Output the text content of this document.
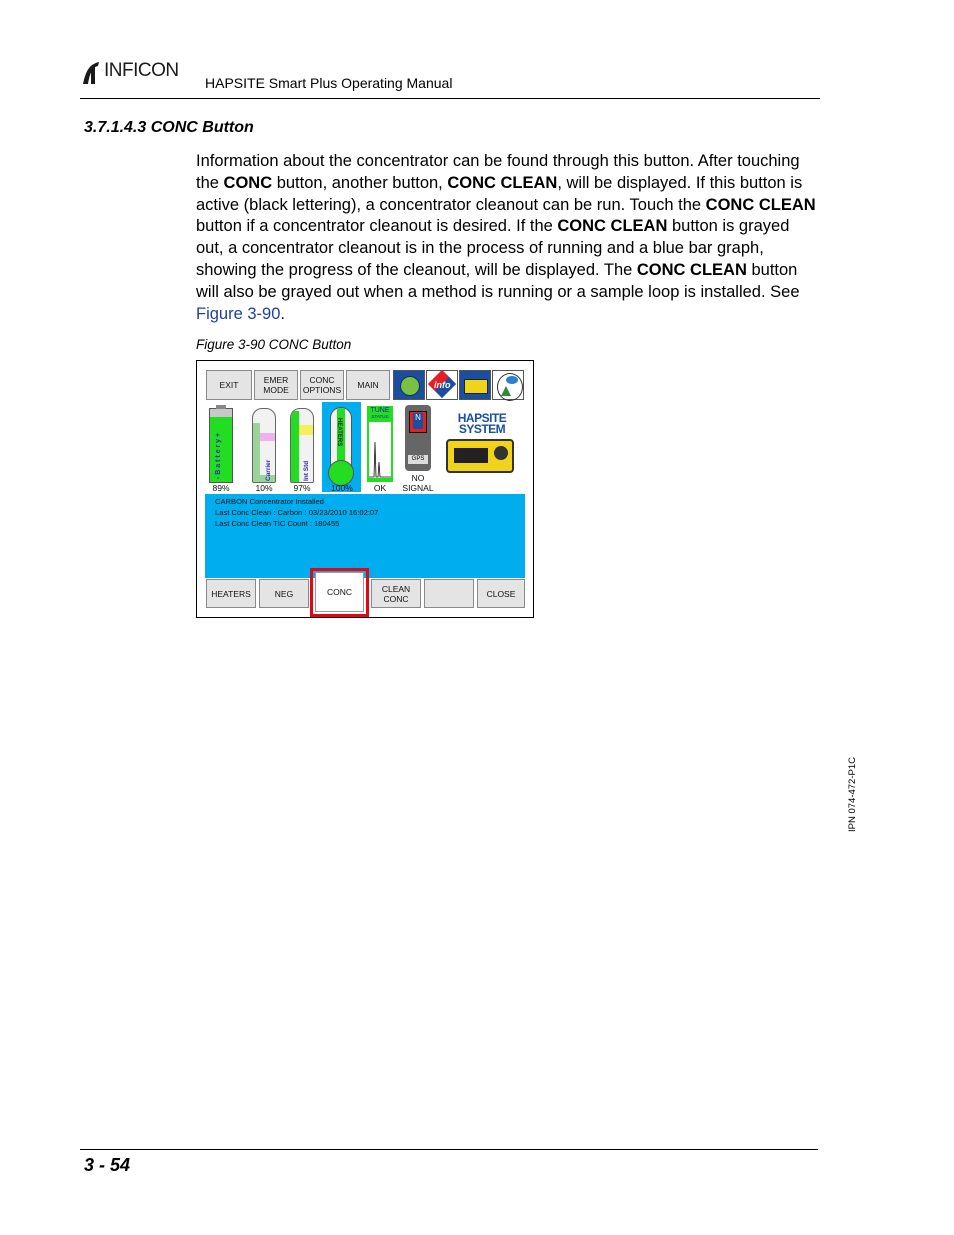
INFICON
HAPSITE Smart Plus Operating Manual
3.7.1.4.3 CONC Button
Information about the concentrator can be found through this button. After touching the CONC button, another button, CONC CLEAN, will be displayed. If this button is active (black lettering), a concentrator cleanout can be run. Touch the CONC CLEAN button if a concentrator cleanout is desired. If the CONC CLEAN button is grayed out, a concentrator cleanout is in the process of running and a blue bar graph, showing the progress of the cleanout, will be displayed. The CONC CLEAN button will also be grayed out when a method is running or a sample loop is installed. See Figure 3-90.
Figure 3-90 CONC Button
EXIT	EMER
MODE
CONC
OPTIONS MAIN	info
- B a t t e r y +
89%
Carrier
10%
Int Std
97%
HEATERS
100%
TUNE
STATUS
OK
N
GPS
NO
SIGNAL
HAPSITE
SYSTEM
CARBON Concentrator Installed
Last Conc Clean : Carbon : 03/23/2010 16:02:07
Last Conc Clean TIC Count : 180455
HEATERS	NEG	CONC	CLEAN
CONC	CLOSE
IPN 074-472-P1C
3 - 54
